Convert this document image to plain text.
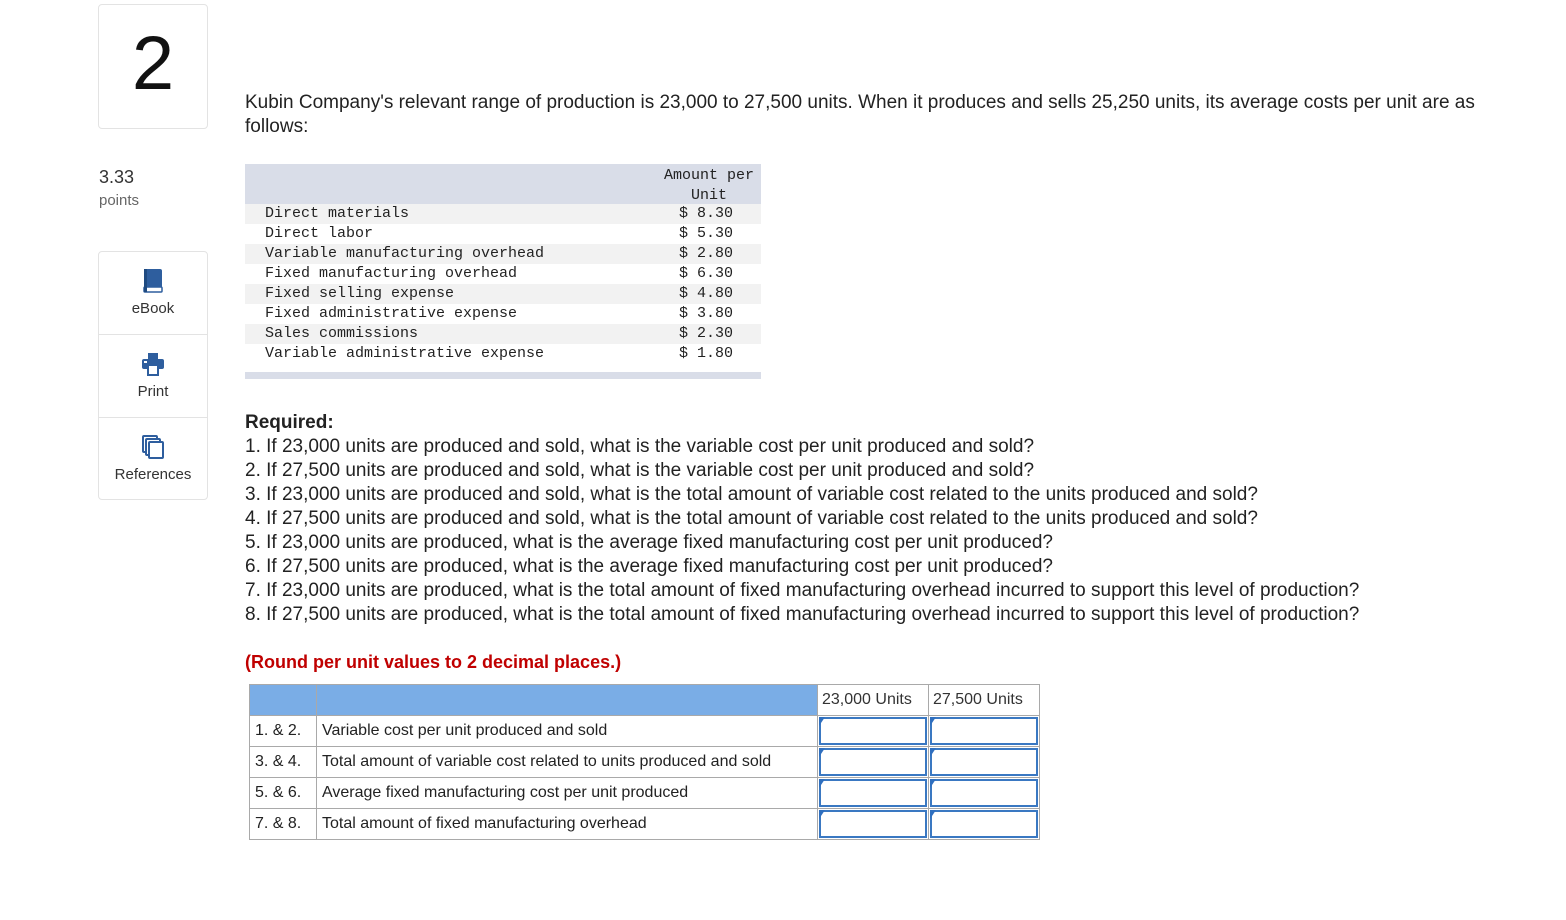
2
3.33
points
eBook
Print
References
Kubin Company's relevant range of production is 23,000 to 27,500 units. When it produces and sells 25,250 units, its average costs per unit are as follows:
Amount per
Unit
Direct materials	$ 8.30
Direct labor	$ 5.30
Variable manufacturing overhead	$ 2.80
Fixed manufacturing overhead	$ 6.30
Fixed selling expense	$ 4.80
Fixed administrative expense	$ 3.80
Sales commissions	$ 2.30
Variable administrative expense	$ 1.80
Required:
1. If 23,000 units are produced and sold, what is the variable cost per unit produced and sold?
2. If 27,500 units are produced and sold, what is the variable cost per unit produced and sold?
3. If 23,000 units are produced and sold, what is the total amount of variable cost related to the units produced and sold?
4. If 27,500 units are produced and sold, what is the total amount of variable cost related to the units produced and sold?
5. If 23,000 units are produced, what is the average fixed manufacturing cost per unit produced?
6. If 27,500 units are produced, what is the average fixed manufacturing cost per unit produced?
7. If 23,000 units are produced, what is the total amount of fixed manufacturing overhead incurred to support this level of production?
8. If 27,500 units are produced, what is the total amount of fixed manufacturing overhead incurred to support this level of production?
(Round per unit values to 2 decimal places.)
		23,000 Units	27,500 Units
1. & 2.	Variable cost per unit produced and sold	

3. & 4.	Total amount of variable cost related to units produced and sold	

5. & 6.	Average fixed manufacturing cost per unit produced	

7. & 8.	Total amount of fixed manufacturing overhead	
